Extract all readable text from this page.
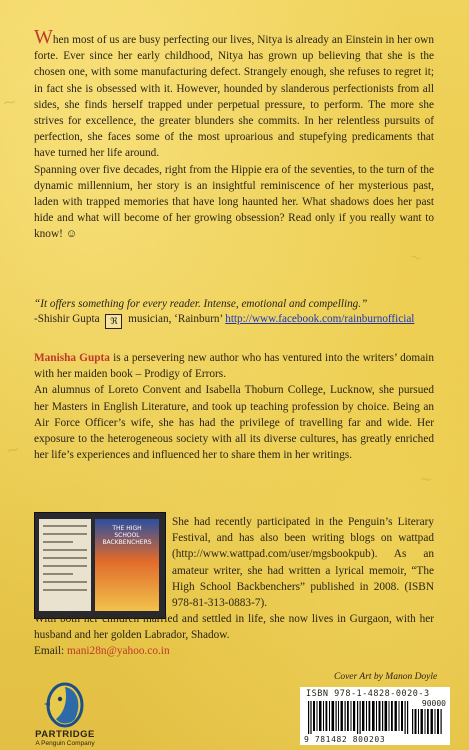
~
~
~
~

When most of us are busy perfecting our lives, Nitya is already an Einstein in her own forte. Ever since her early childhood, Nitya has grown up believing that she is the chosen one, with some manufacturing defect. Strangely enough, she refuses to regret it; in fact she is obsessed with it. However, hounded by slanderous perfectionists from all sides, she finds herself trapped under perpetual pressure, to perform. The more she strives for excellence, the greater blunders she commits. In her relentless pursuits of perfection, she faces some of the most uproarious and stupefying predicaments that have turned her life around.

Spanning over five decades, right from the Hippie era of the seventies, to the turn of the dynamic millennium, her story is an insightful reminiscence of her mysterious past, laden with trapped memories that have long haunted her. What shadows does her past hide and what will become of her growing obsession? Read only if you really want to know! ☺

“It offers something for every reader. Intense, emotional and compelling.”
-Shishir Gupta ℜ musician, ‘Rainburn’ http://www.facebook.com/rainburnofficial

Manisha Gupta is a persevering new author who has ventured into the writers’ domain with her maiden book – Prodigy of Errors.

An alumnus of Loreto Convent and Isabella Thoburn College, Lucknow, she pursued her Masters in English Literature, and took up teaching profession by choice. Being an Air Force Officer’s wife, she has had the privilege of travelling far and wide. Her exposure to the heterogeneous society with all its diverse cultures, has greatly enriched her life’s experiences and influenced her to share them in her writings.

THE HIGH SCHOOL BACKBENCHERS

She had recently participated in the Penguin’s Literary Festival, and has also been writing blogs on wattpad (http://www.wattpad.com/user/mgsbookpub). As an amateur writer, she had written a lyrical memoir, “The High School Backbenchers” published in 2008. (ISBN 978-81-313-0883-7).

With both her children married and settled in life, she now lives in Gurgaon, with her husband and her golden Labrador, Shadow.

Email: mani28n@yahoo.co.in

Cover Art by Manon Doyle
PARTRIDGE
A Penguin Company
ISBN 978-1-4828-0020-3
90000
9 781482 800203
